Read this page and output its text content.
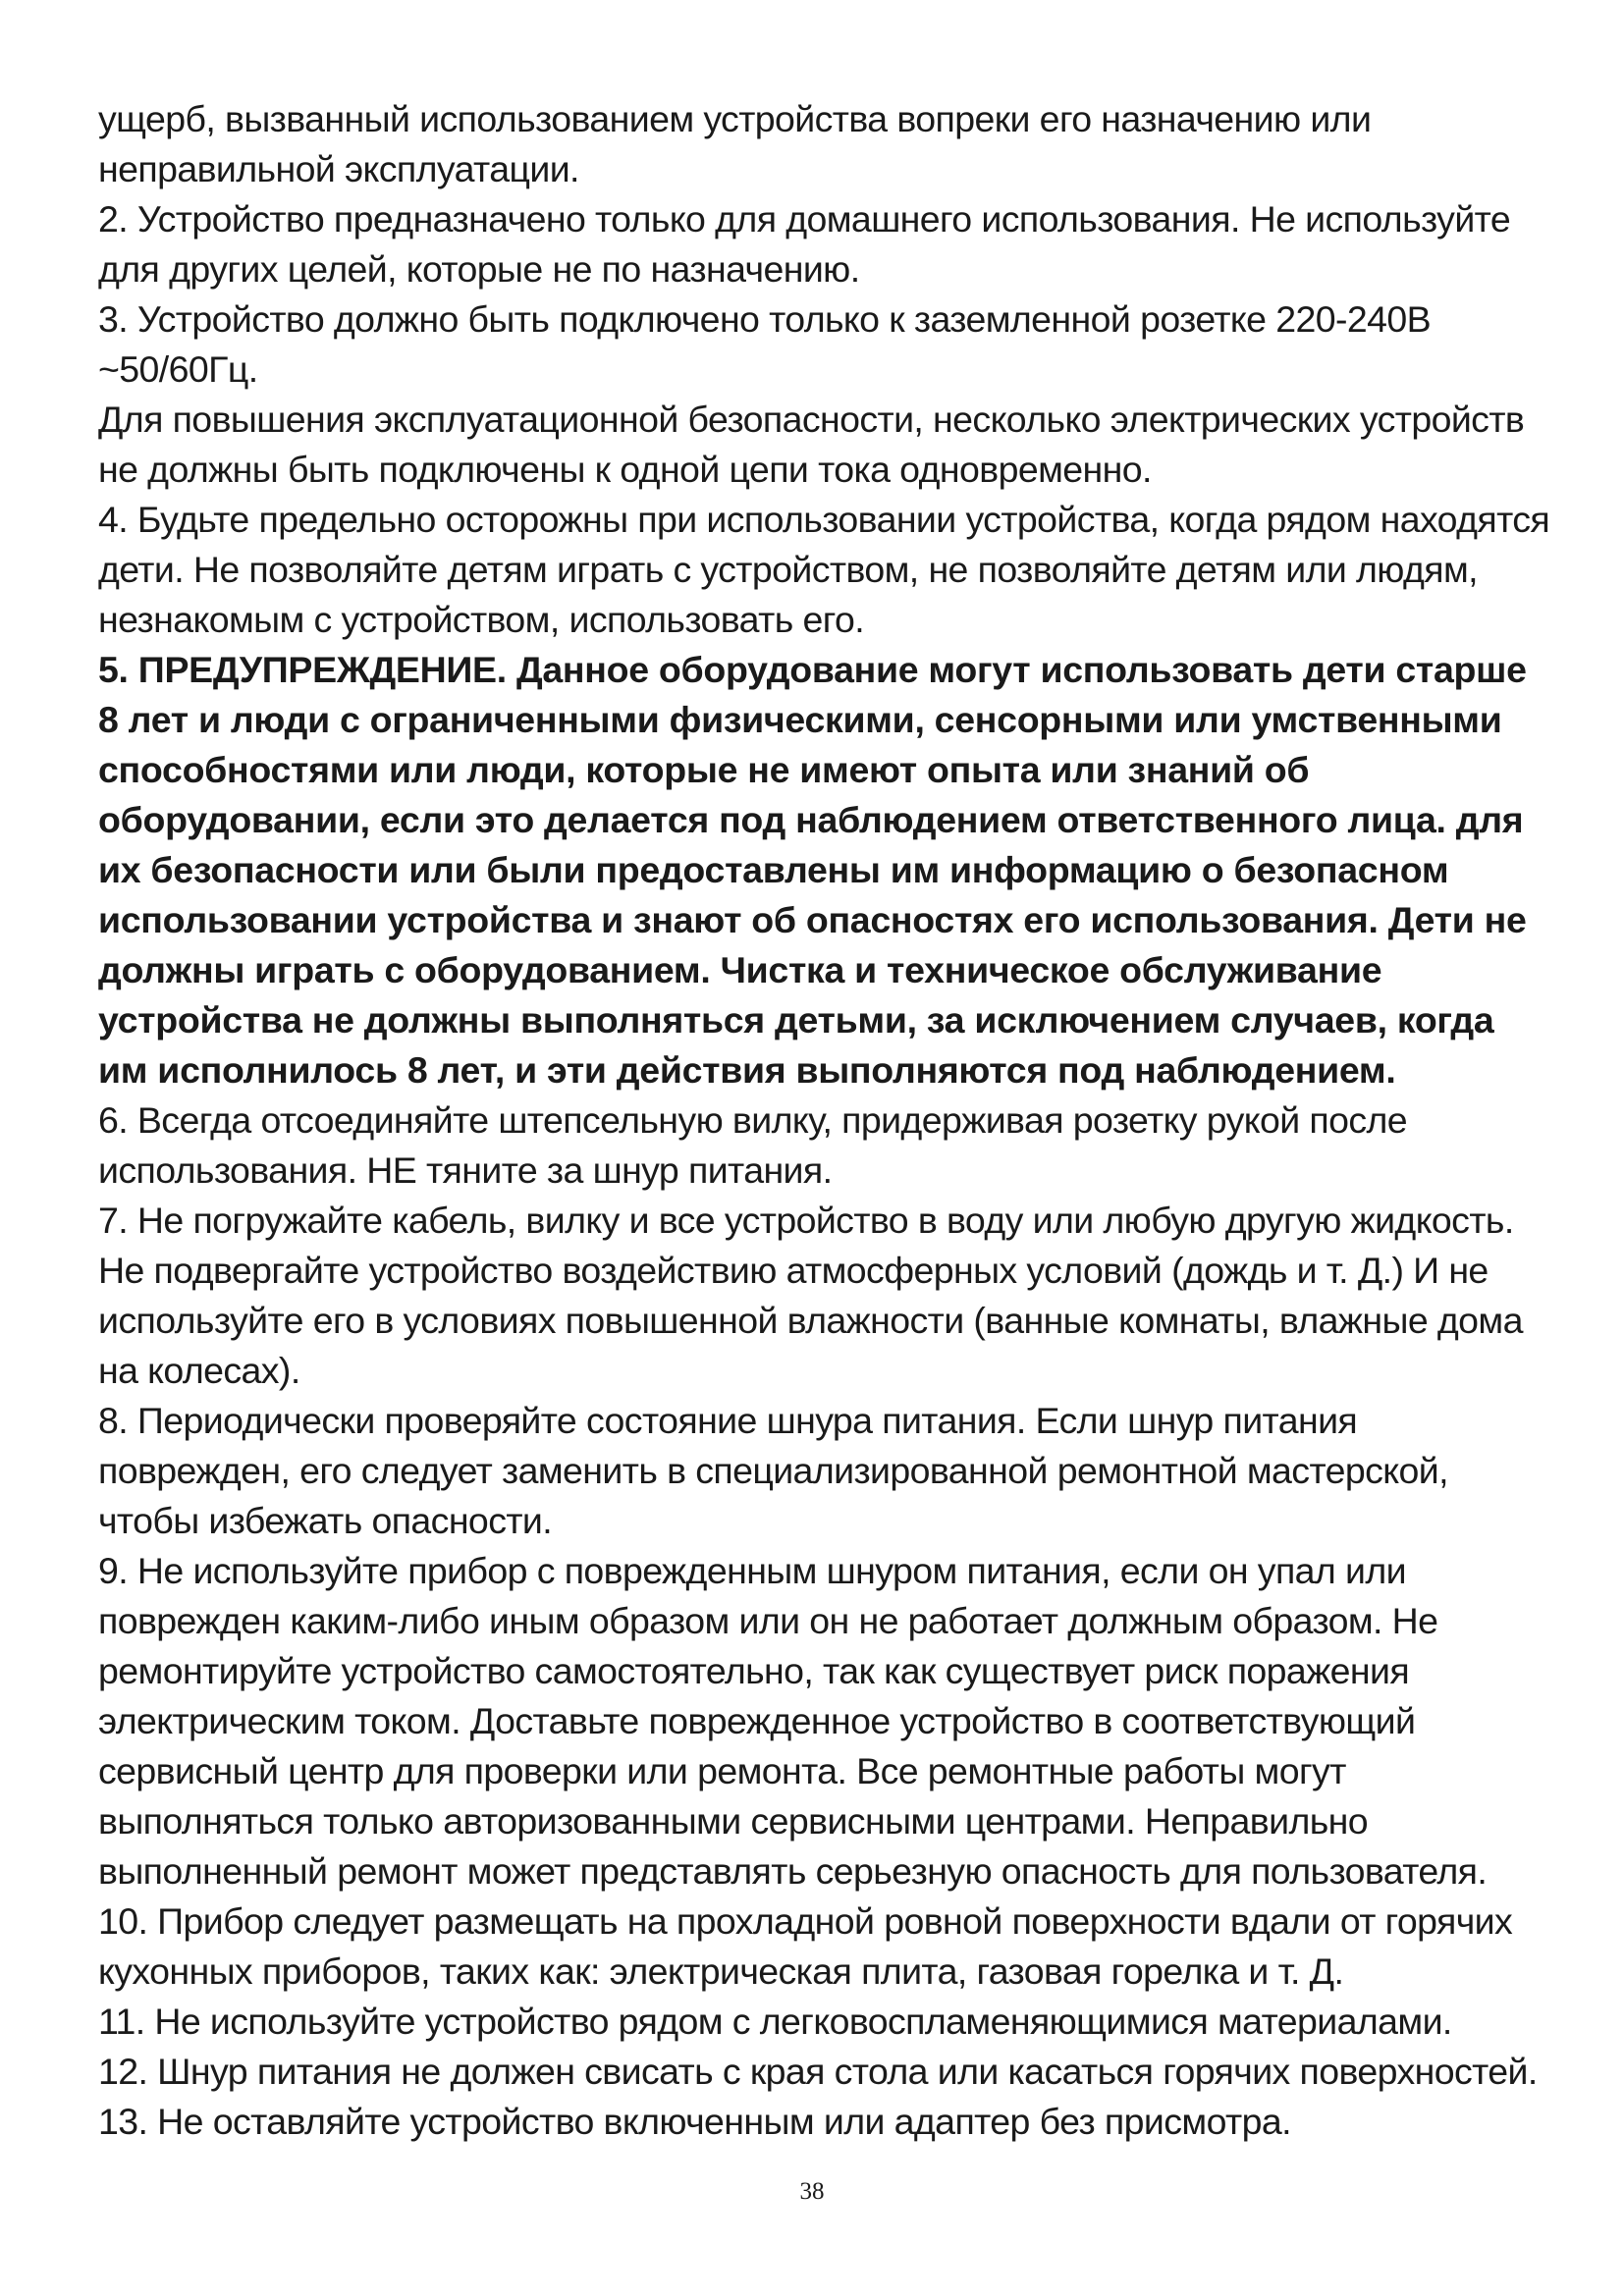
ущерб, вызванный использованием устройства вопреки его назначению или неправильной эксплуатации.

2. Устройство предназначено только для домашнего использования. Не используйте для других целей, которые не по назначению.

3. Устройство должно быть подключено только к заземленной розетке 220-240В ~50/60Гц.

Для повышения эксплуатационной безопасности, несколько электрических устройств не должны быть подключены к одной цепи тока одновременно.

4. Будьте предельно осторожны при использовании устройства, когда рядом находятся дети. Не позволяйте детям играть с устройством, не позволяйте детям или людям, незнакомым с устройством, использовать его.

5. ПРЕДУПРЕЖДЕНИЕ. Данное оборудование могут использовать дети старше 8 лет и люди с ограниченными физическими, сенсорными или умственными способностями или люди, которые не имеют опыта или знаний об оборудовании, если это делается под наблюдением ответственного лица. для их безопасности или были предоставлены им информацию о безопасном использовании устройства и знают об опасностях его использования. Дети не должны играть с оборудованием. Чистка и техническое обслуживание устройства не должны выполняться детьми, за исключением случаев, когда им исполнилось 8 лет, и эти действия выполняются под наблюдением.

6. Всегда отсоединяйте штепсельную вилку, придерживая розетку рукой после использования. НЕ тяните за шнур питания.

7. Не погружайте кабель, вилку и все устройство в воду или любую другую жидкость. Не подвергайте устройство воздействию атмосферных условий (дождь и т. Д.) И не используйте его в условиях повышенной влажности (ванные комнаты, влажные дома на колесах).

8. Периодически проверяйте состояние шнура питания. Если шнур питания поврежден, его следует заменить в специализированной ремонтной мастерской, чтобы избежать опасности.

9. Не используйте прибор с поврежденным шнуром питания, если он упал или поврежден каким-либо иным образом или он не работает должным образом. Не ремонтируйте устройство самостоятельно, так как существует риск поражения электрическим током. Доставьте поврежденное устройство в соответствующий сервисный центр для проверки или ремонта. Все ремонтные работы могут выполняться только авторизованными сервисными центрами. Неправильно выполненный ремонт может представлять серьезную опасность для пользователя.

10. Прибор следует размещать на прохладной ровной поверхности вдали от горячих кухонных приборов, таких как: электрическая плита, газовая горелка и т. Д.

11. Не используйте устройство рядом с легковоспламеняющимися материалами.

12. Шнур питания не должен свисать с края стола или касаться горячих поверхностей.

13. Не оставляйте устройство включенным или адаптер без присмотра.

38
